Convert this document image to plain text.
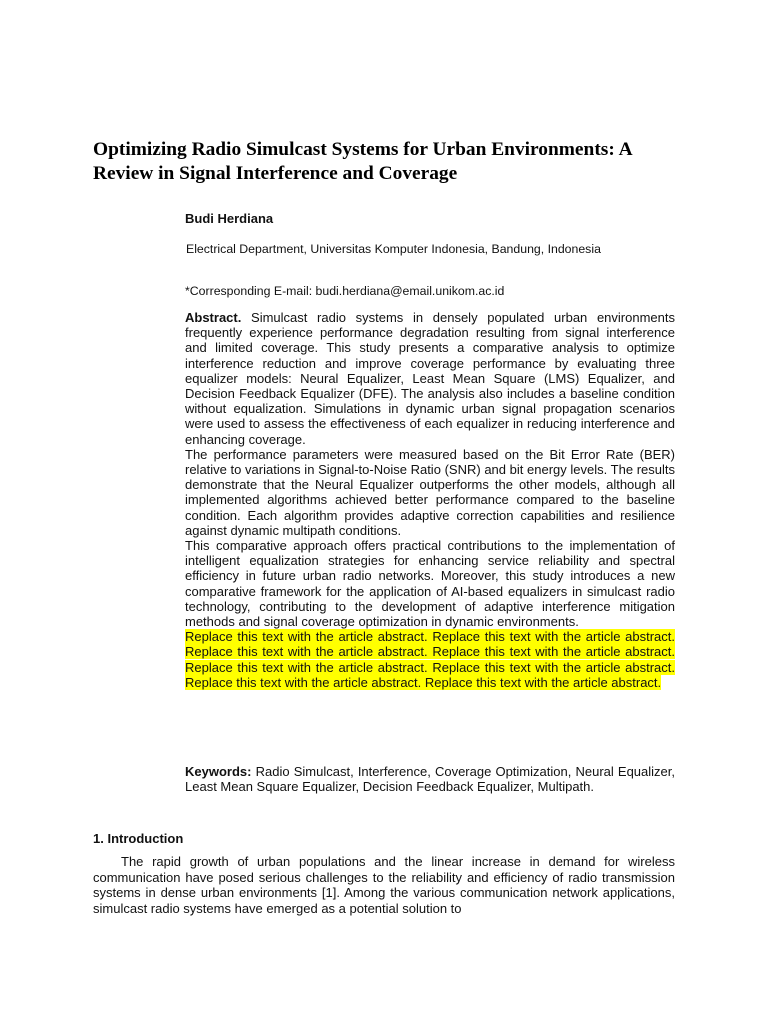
Optimizing Radio Simulcast Systems for Urban Environments: A Review in Signal Interference and Coverage

Budi Herdiana

Electrical Department, Universitas Komputer Indonesia, Bandung, Indonesia

*Corresponding E-mail: budi.herdiana@email.unikom.ac.id

Abstract. Simulcast radio systems in densely populated urban environments frequently experience performance degradation resulting from signal interference and limited coverage. This study presents a comparative analysis to optimize interference reduction and improve coverage performance by evaluating three equalizer models: Neural Equalizer, Least Mean Square (LMS) Equalizer, and Decision Feedback Equalizer (DFE). The analysis also includes a baseline condition without equalization. Simulations in dynamic urban signal propagation scenarios were used to assess the effectiveness of each equalizer in reducing interference and enhancing coverage.

The performance parameters were measured based on the Bit Error Rate (BER) relative to variations in Signal-to-Noise Ratio (SNR) and bit energy levels. The results demonstrate that the Neural Equalizer outperforms the other models, although all implemented algorithms achieved better performance compared to the baseline condition. Each algorithm provides adaptive correction capabilities and resilience against dynamic multipath conditions.

This comparative approach offers practical contributions to the implementation of intelligent equalization strategies for enhancing service reliability and spectral efficiency in future urban radio networks. Moreover, this study introduces a new comparative framework for the application of AI-based equalizers in simulcast radio technology, contributing to the development of adaptive interference mitigation methods and signal coverage optimization in dynamic environments.

Replace this text with the article abstract. Replace this text with the article abstract. Replace this text with the article abstract. Replace this text with the article abstract. Replace this text with the article abstract. Replace this text with the article abstract. Replace this text with the article abstract. Replace this text with the article abstract.

Keywords: Radio Simulcast, Interference, Coverage Optimization, Neural Equalizer, Least Mean Square Equalizer, Decision Feedback Equalizer, Multipath.

1. Introduction

The rapid growth of urban populations and the linear increase in demand for wireless communication have posed serious challenges to the reliability and efficiency of radio transmission systems in dense urban environments [1]. Among the various communication network applications, simulcast radio systems have emerged as a potential solution to
